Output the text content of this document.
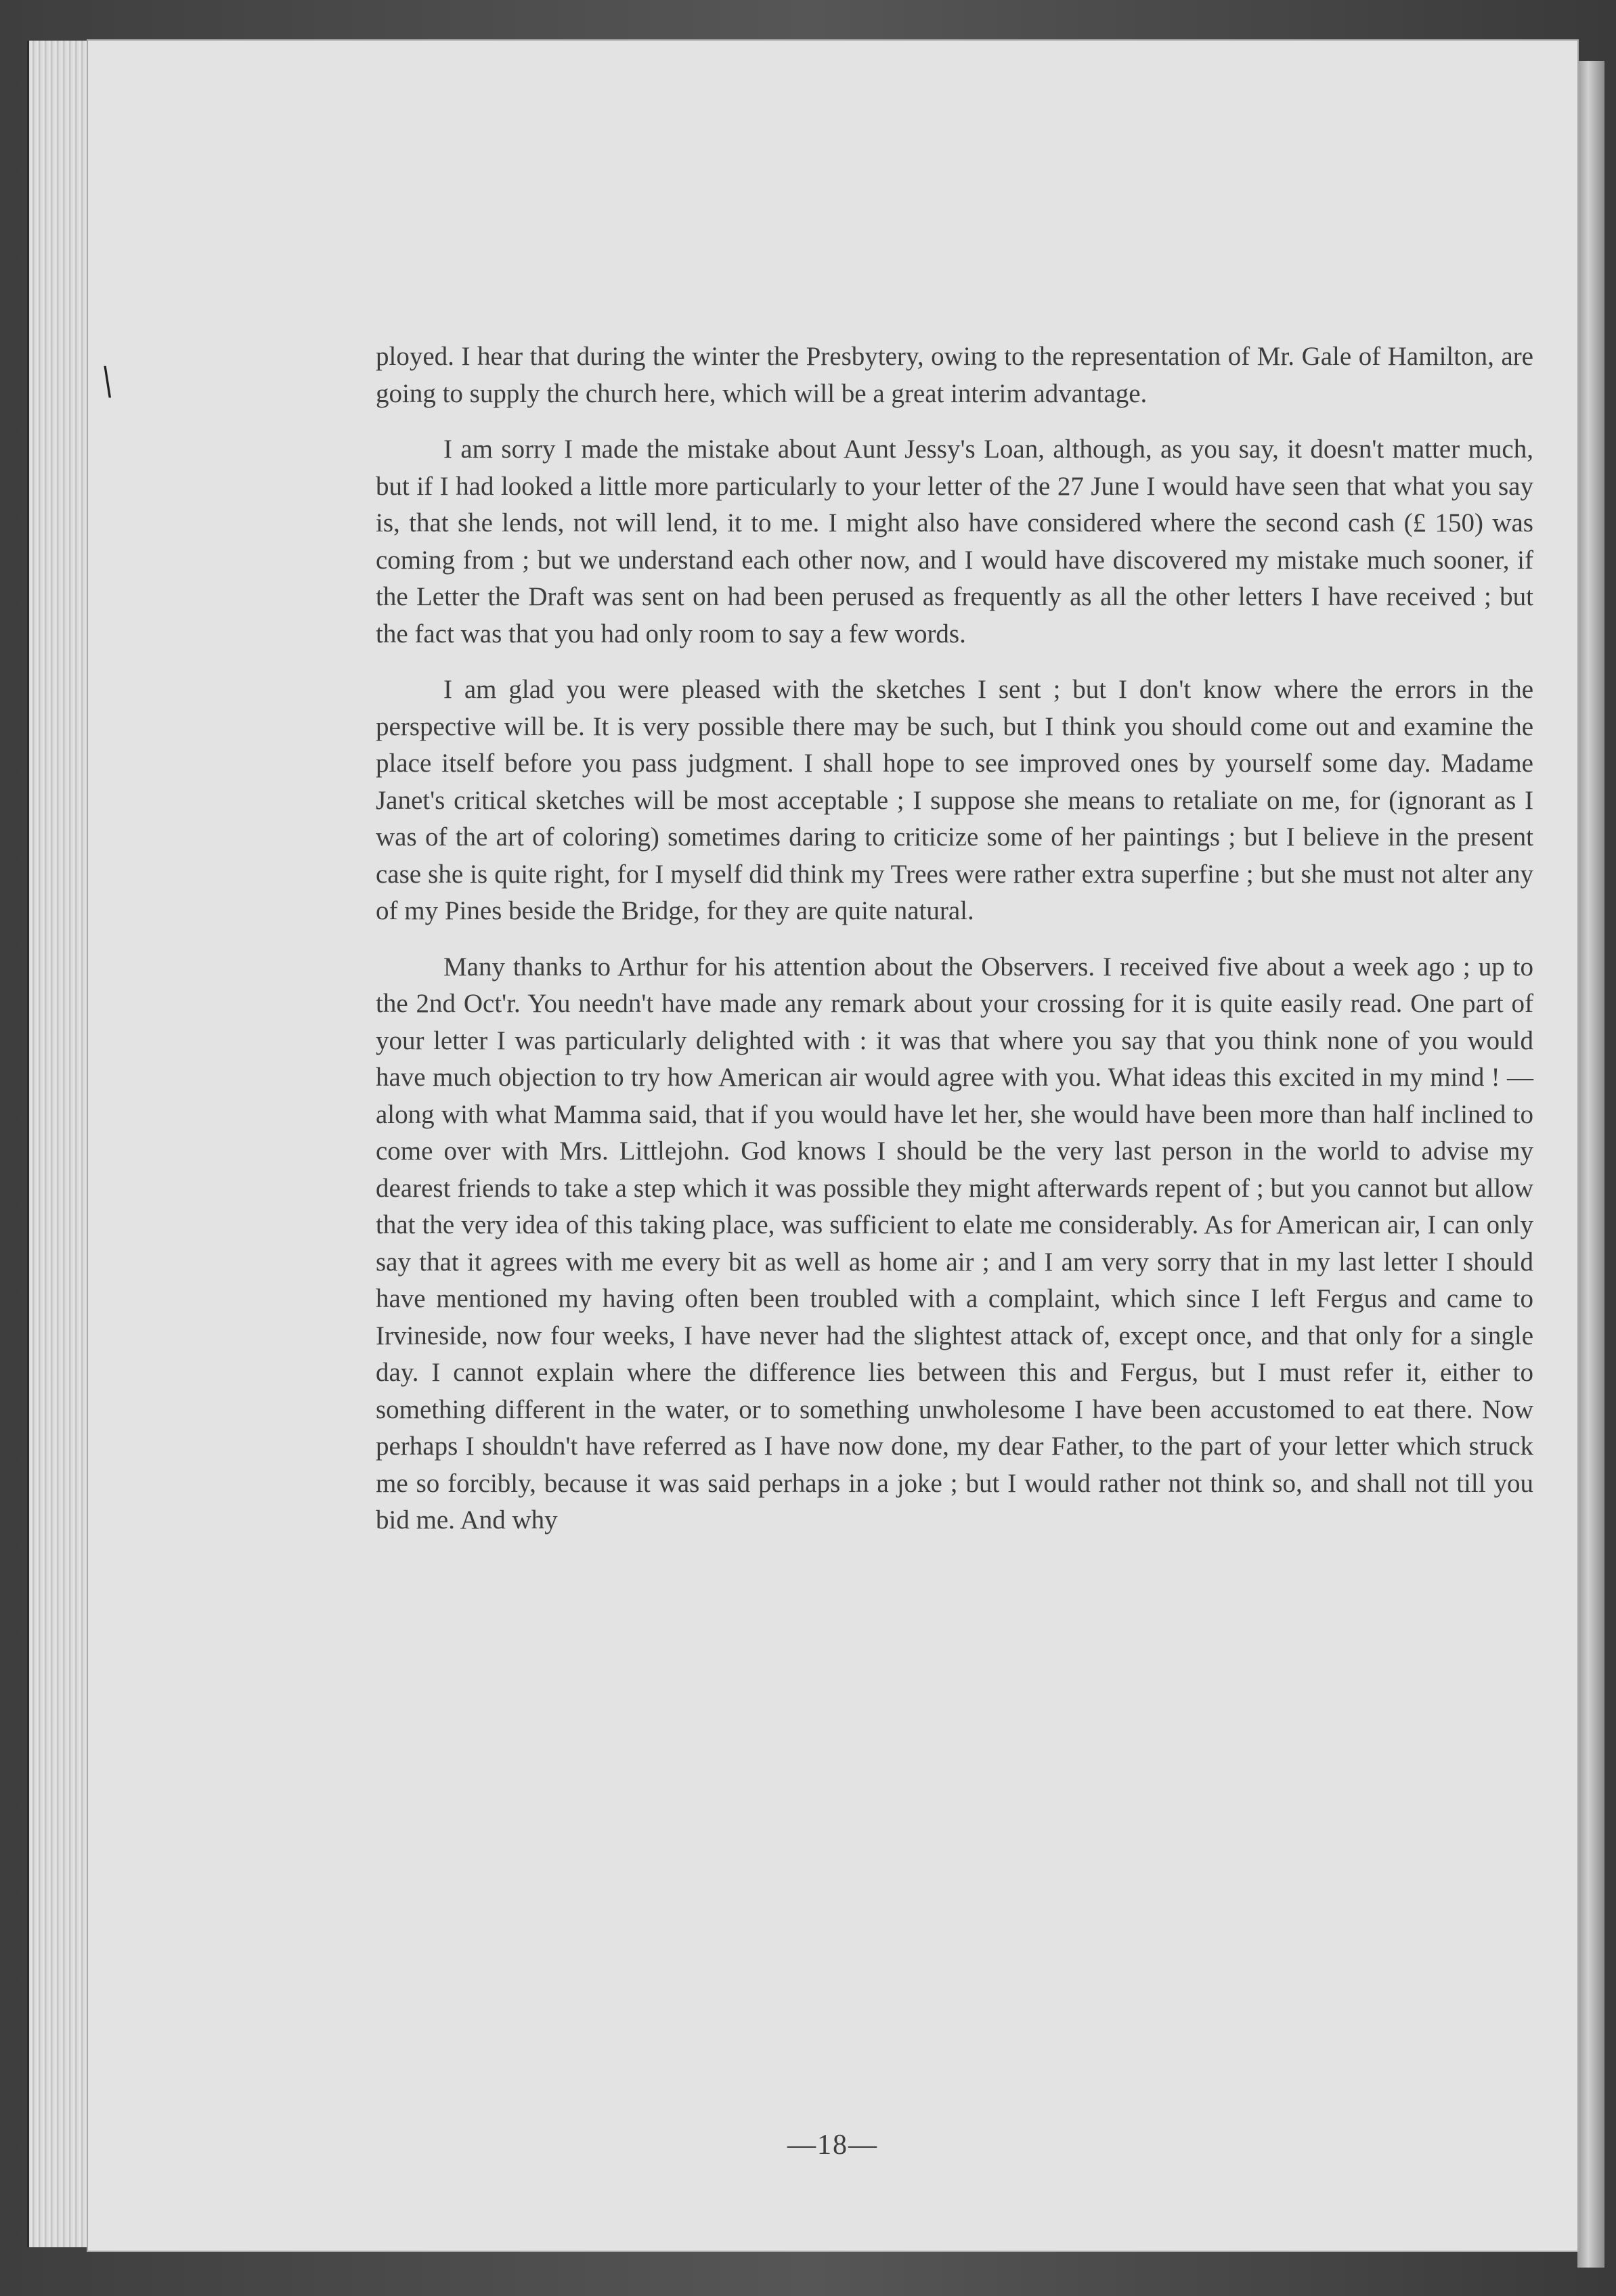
\	ployed. I hear that during the winter the Presbytery, owing to the representation of Mr. Gale of Hamilton, are going to supply the church here, which will be a great interim advantage.

I am sorry I made the mistake about Aunt Jessy's Loan, although, as you say, it doesn't matter much, but if I had looked a little more particularly to your letter of the 27 June I would have seen that what you say is, that she lends, not will lend, it to me. I might also have considered where the second cash (£ 150) was coming from ; but we understand each other now, and I would have discovered my mistake much sooner, if the Letter the Draft was sent on had been perused as frequently as all the other letters I have received ; but the fact was that you had only room to say a few words.

I am glad you were pleased with the sketches I sent ; but I don't know where the errors in the perspective will be. It is very possible there may be such, but I think you should come out and examine the place itself before you pass judgment. I shall hope to see improved ones by yourself some day. Madame Janet's critical sketches will be most acceptable ; I suppose she means to retaliate on me, for (ignorant as I was of the art of coloring) sometimes daring to criticize some of her paintings ; but I believe in the present case she is quite right, for I myself did think my Trees were rather extra superfine ; but she must not alter any of my Pines beside the Bridge, for they are quite natural.

Many thanks to Arthur for his attention about the Observers. I received five about a week ago ; up to the 2nd Oct'r. You needn't have made any remark about your crossing for it is quite easily read. One part of your letter I was particularly delighted with : it was that where you say that you think none of you would have much objection to try how American air would agree with you. What ideas this excited in my mind ! —along with what Mamma said, that if you would have let her, she would have been more than half inclined to come over with Mrs. Littlejohn. God knows I should be the very last person in the world to advise my dearest friends to take a step which it was possible they might afterwards repent of ; but you cannot but allow that the very idea of this taking place, was sufficient to elate me considerably. As for American air, I can only say that it agrees with me every bit as well as home air ; and I am very sorry that in my last letter I should have mentioned my having often been troubled with a complaint, which since I left Fergus and came to Irvineside, now four weeks, I have never had the slightest attack of, except once, and that only for a single day. I cannot explain where the difference lies between this and Fergus, but I must refer it, either to something different in the water, or to something unwholesome I have been accustomed to eat there. Now perhaps I shouldn't have referred as I have now done, my dear Father, to the part of your letter which struck me so forcibly, because it was said perhaps in a joke ; but I would rather not think so, and shall not till you bid me. And why

—18—
